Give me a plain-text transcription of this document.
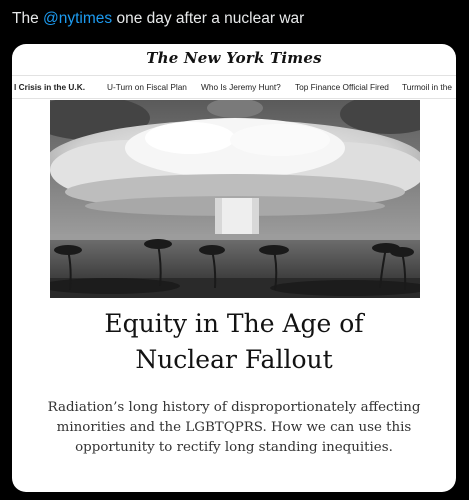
The @nytimes one day after a nuclear war
The New York Times
l Crisis in the U.K.	U-Turn on Fiscal Plan Who Is Jeremy Hunt? Top Finance Official Fired Turmoil in the
Equity in The Age of
Nuclear Fallout
Radiation’s long history of disproportionately affecting
minorities and the LGBTQPRS. How we can use this
opportunity to rectify long standing inequities.
